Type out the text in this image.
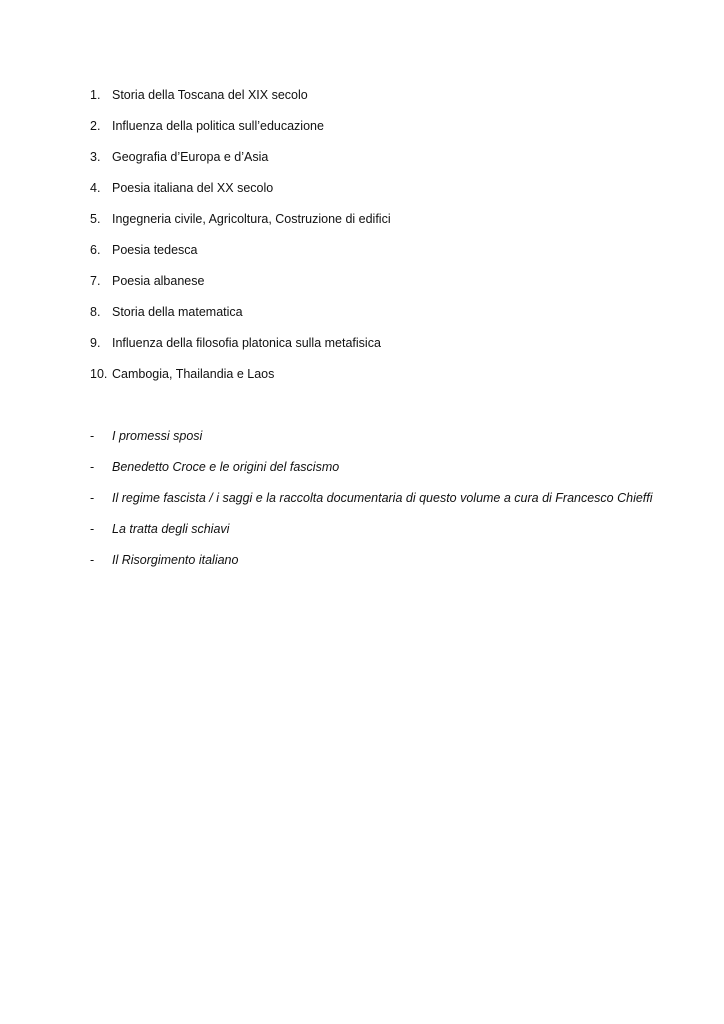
1. Storia della Toscana del XIX secolo
2. Influenza della politica sull’educazione
3. Geografia d’Europa e d’Asia
4. Poesia italiana del XX secolo
5. Ingegneria civile, Agricoltura, Costruzione di edifici
6. Poesia tedesca
7. Poesia albanese
8. Storia della matematica
9. Influenza della filosofia platonica sulla metafisica
10. Cambogia, Thailandia e Laos
-	I promessi sposi
-	Benedetto Croce e le origini del fascismo
-	Il regime fascista / i saggi e la raccolta documentaria di questo volume a cura di Francesco Chieffi
-	La tratta degli schiavi
-	Il Risorgimento italiano
